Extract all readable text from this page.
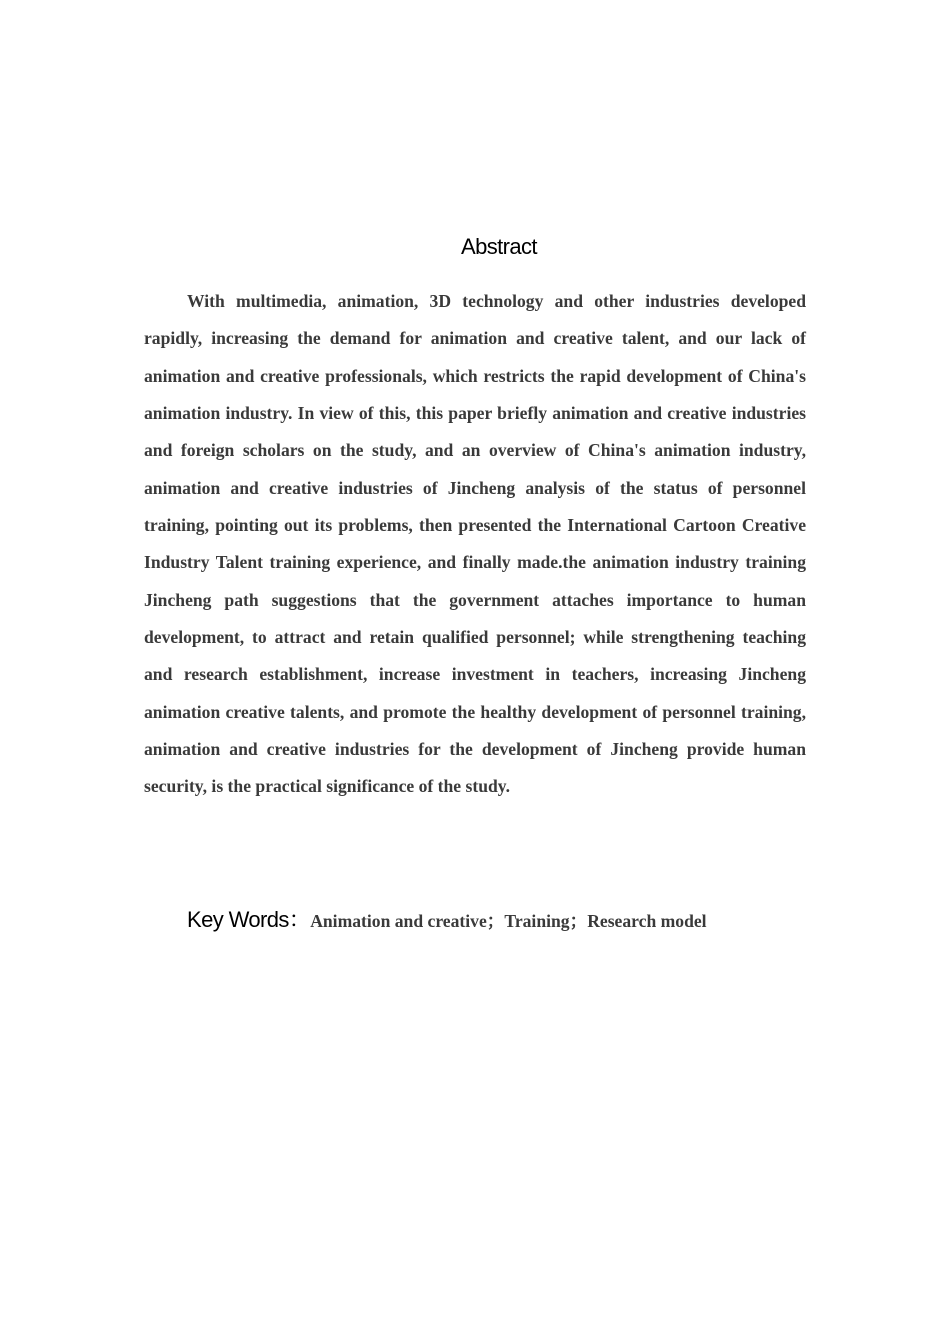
Abstract

With multimedia, animation, 3D technology and other industries developed rapidly, increasing the demand for animation and creative talent, and our lack of animation and creative professionals, which restricts the rapid development of China's animation industry. In view of this, this paper briefly animation and creative industries and foreign scholars on the study, and an overview of China's animation industry, animation and creative industries of Jincheng analysis of the status of personnel training, pointing out its problems, then presented the International Cartoon Creative Industry Talent training experience, and finally made.the animation industry training Jincheng path suggestions that the government attaches importance to human development, to attract and retain qualified personnel; while strengthening teaching and research establishment, increase investment in teachers, increasing Jincheng animation creative talents, and promote the healthy development of personnel training, animation and creative industries for the development of Jincheng provide human security, is the practical significance of the study.

Key Words：Animation and creative；Training；Research model
